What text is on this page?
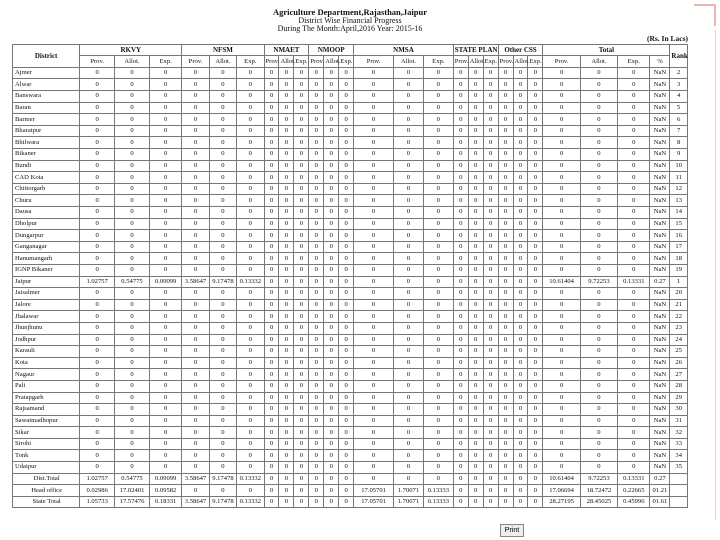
Agriculture Department,Rajasthan,Jaipur
District Wise Financial Progress
During The Month:April,2016 Year: 2015-16
(Rs. In Lacs)
District	RKVY			NFSM			NMAET			NMOOP			NMSA			STATE PLAN			Other CSS			Total				Rank
	Prov.	Allot.	Exp.	Prov.	Allot.	Exp.	Prov.	Allot.	Exp.	Prov.	Allot.	Exp.	Prov.	Allot.	Exp.	Prov.	Allot.	Exp.	Prov.	Allot.	Exp.	Prov.	Allot.	Exp.	%	
Ajmer	0	0	0	0	0	0	0	0	0	0	0	0	0	0	0	0	0	0	0	0	0	0	0	0	NaN	2
Alwar	0	0	0	0	0	0	0	0	0	0	0	0	0	0	0	0	0	0	0	0	0	0	0	0	NaN	3
Banswara	0	0	0	0	0	0	0	0	0	0	0	0	0	0	0	0	0	0	0	0	0	0	0	0	NaN	4
Baran	0	0	0	0	0	0	0	0	0	0	0	0	0	0	0	0	0	0	0	0	0	0	0	0	NaN	5
Barmer	0	0	0	0	0	0	0	0	0	0	0	0	0	0	0	0	0	0	0	0	0	0	0	0	NaN	6
Bharatpur	0	0	0	0	0	0	0	0	0	0	0	0	0	0	0	0	0	0	0	0	0	0	0	0	NaN	7
Bhilwara	0	0	0	0	0	0	0	0	0	0	0	0	0	0	0	0	0	0	0	0	0	0	0	0	NaN	8
Bikaner	0	0	0	0	0	0	0	0	0	0	0	0	0	0	0	0	0	0	0	0	0	0	0	0	NaN	9
Bundi	0	0	0	0	0	0	0	0	0	0	0	0	0	0	0	0	0	0	0	0	0	0	0	0	NaN	10
CAD Kota	0	0	0	0	0	0	0	0	0	0	0	0	0	0	0	0	0	0	0	0	0	0	0	0	NaN	11
Chittorgarh	0	0	0	0	0	0	0	0	0	0	0	0	0	0	0	0	0	0	0	0	0	0	0	0	NaN	12
Churu	0	0	0	0	0	0	0	0	0	0	0	0	0	0	0	0	0	0	0	0	0	0	0	0	NaN	13
Dausa	0	0	0	0	0	0	0	0	0	0	0	0	0	0	0	0	0	0	0	0	0	0	0	0	NaN	14
Dholpur	0	0	0	0	0	0	0	0	0	0	0	0	0	0	0	0	0	0	0	0	0	0	0	0	NaN	15
Dungarpur	0	0	0	0	0	0	0	0	0	0	0	0	0	0	0	0	0	0	0	0	0	0	0	0	NaN	16
Ganganagar	0	0	0	0	0	0	0	0	0	0	0	0	0	0	0	0	0	0	0	0	0	0	0	0	NaN	17
Hanumangarh	0	0	0	0	0	0	0	0	0	0	0	0	0	0	0	0	0	0	0	0	0	0	0	0	NaN	18
IGNP Bikaner	0	0	0	0	0	0	0	0	0	0	0	0	0	0	0	0	0	0	0	0	0	0	0	0	NaN	19
Jaipur	1.02757	0.54775	0.09099	3.58647	9.17478	0.13332	0	0	0	0	0	0	0	0	0	0	0	0	0	0	0	10.61404	9.72253	0.13331	0.27	1
Jaisalmer	0	0	0	0	0	0	0	0	0	0	0	0	0	0	0	0	0	0	0	0	0	0	0	0	NaN	20
Jalore	0	0	0	0	0	0	0	0	0	0	0	0	0	0	0	0	0	0	0	0	0	0	0	0	NaN	21
Jhalawar	0	0	0	0	0	0	0	0	0	0	0	0	0	0	0	0	0	0	0	0	0	0	0	0	NaN	22
Jhunjhunu	0	0	0	0	0	0	0	0	0	0	0	0	0	0	0	0	0	0	0	0	0	0	0	0	NaN	23
Jodhpur	0	0	0	0	0	0	0	0	0	0	0	0	0	0	0	0	0	0	0	0	0	0	0	0	NaN	24
Karauli	0	0	0	0	0	0	0	0	0	0	0	0	0	0	0	0	0	0	0	0	0	0	0	0	NaN	25
Kota	0	0	0	0	0	0	0	0	0	0	0	0	0	0	0	0	0	0	0	0	0	0	0	0	NaN	26
Nagaur	0	0	0	0	0	0	0	0	0	0	0	0	0	0	0	0	0	0	0	0	0	0	0	0	NaN	27
Pali	0	0	0	0	0	0	0	0	0	0	0	0	0	0	0	0	0	0	0	0	0	0	0	0	NaN	28
Pratapgarh	0	0	0	0	0	0	0	0	0	0	0	0	0	0	0	0	0	0	0	0	0	0	0	0	NaN	29
Rajsamand	0	0	0	0	0	0	0	0	0	0	0	0	0	0	0	0	0	0	0	0	0	0	0	0	NaN	30
Sawaimadhopur	0	0	0	0	0	0	0	0	0	0	0	0	0	0	0	0	0	0	0	0	0	0	0	0	NaN	31
Sikar	0	0	0	0	0	0	0	0	0	0	0	0	0	0	0	0	0	0	0	0	0	0	0	0	NaN	32
Sirohi	0	0	0	0	0	0	0	0	0	0	0	0	0	0	0	0	0	0	0	0	0	0	0	0	NaN	33
Tonk	0	0	0	0	0	0	0	0	0	0	0	0	0	0	0	0	0	0	0	0	0	0	0	0	NaN	34
Udaipur	0	0	0	0	0	0	0	0	0	0	0	0	0	0	0	0	0	0	0	0	0	0	0	0	NaN	35
Dist.Total	1.02757	0.54775	0.09099	3.58647	9.17478	0.13332	0	0	0	0	0	0	0	0	0	0	0	0	0	0	0	10.61404	9.72253	0.13331	0.27	
Head office	0.02986	17.02401	0.09582	0	0	0	0	0	0	0	0	0	17.05701	1.70071	0.13333	0	0	0	0	0	0	17.06694	18.72472	0.22665	01.21	
State Total	1.05733	17.57476	0.18331	3.58647	9.17478	0.13332	0	0	0	0	0	0	17.05701	1.70071	0.13333	0	0	0	0	0	0	28.27195	28.45025	0.45996	01.61	
Print
